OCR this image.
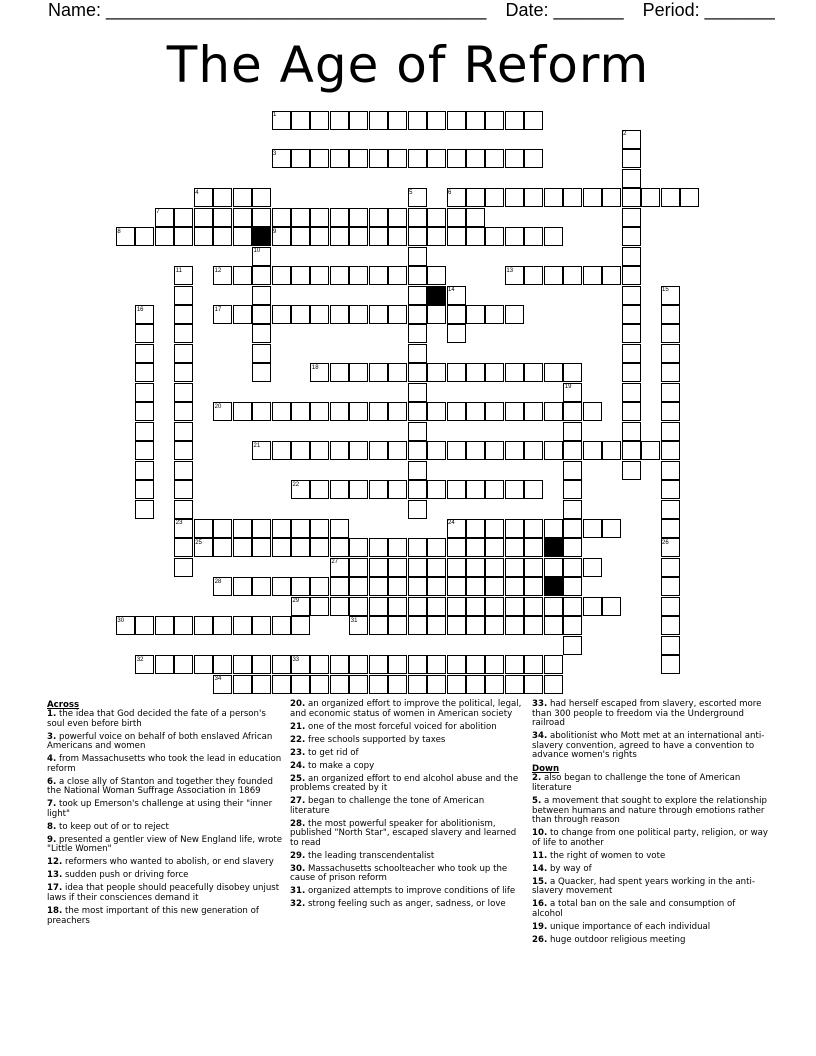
Name: ______________________________________ Date: _______ Period: _______
The Age of Reform
1
2
3
4	5	6
7
8	9
10
11	12	13
14	15
16	17
18
19
20
21
22
23	24
25	26
27
28
29
30	31
32	33
34
Across
1. the idea that God decided the fate of a person's soul even before birth
3. powerful voice on behalf of both enslaved African Americans and women
4. from Massachusetts who took the lead in education reform
6. a close ally of Stanton and together they founded the National Woman Suffrage Association in 1869
7. took up Emerson's challenge at using their "inner light"
8. to keep out of or to reject
9. presented a gentler view of New England life, wrote "Little Women"
12. reformers who wanted to abolish, or end slavery
13. sudden push or driving force
17. idea that people should peacefully disobey unjust laws if their consciences demand it
18. the most important of this new generation of preachers
20. an organized effort to improve the political, legal, and economic status of women in American society
21. one of the most forceful voiced for abolition
22. free schools supported by taxes
23. to get rid of
24. to make a copy
25. an organized effort to end alcohol abuse and the problems created by it
27. began to challenge the tone of American literature
28. the most powerful speaker for abolitionism, published "North Star", escaped slavery and learned to read
29. the leading transcendentalist
30. Massachusetts schoolteacher who took up the cause of prison reform
31. organized attempts to improve conditions of life
32. strong feeling such as anger, sadness, or love
33. had herself escaped from slavery, escorted more than 300 people to freedom via the Underground railroad
34. abolitionist who Mott met at an international anti-slavery convention, agreed to have a convention to advance women's rights
Down
2. also began to challenge the tone of American literature
5. a movement that sought to explore the relationship between humans and nature through emotions rather than through reason
10. to change from one political party, religion, or way of life to another
11. the right of women to vote
14. by way of
15. a Quacker, had spent years working in the anti-slavery movement
16. a total ban on the sale and consumption of alcohol
19. unique importance of each individual
26. huge outdoor religious meeting
